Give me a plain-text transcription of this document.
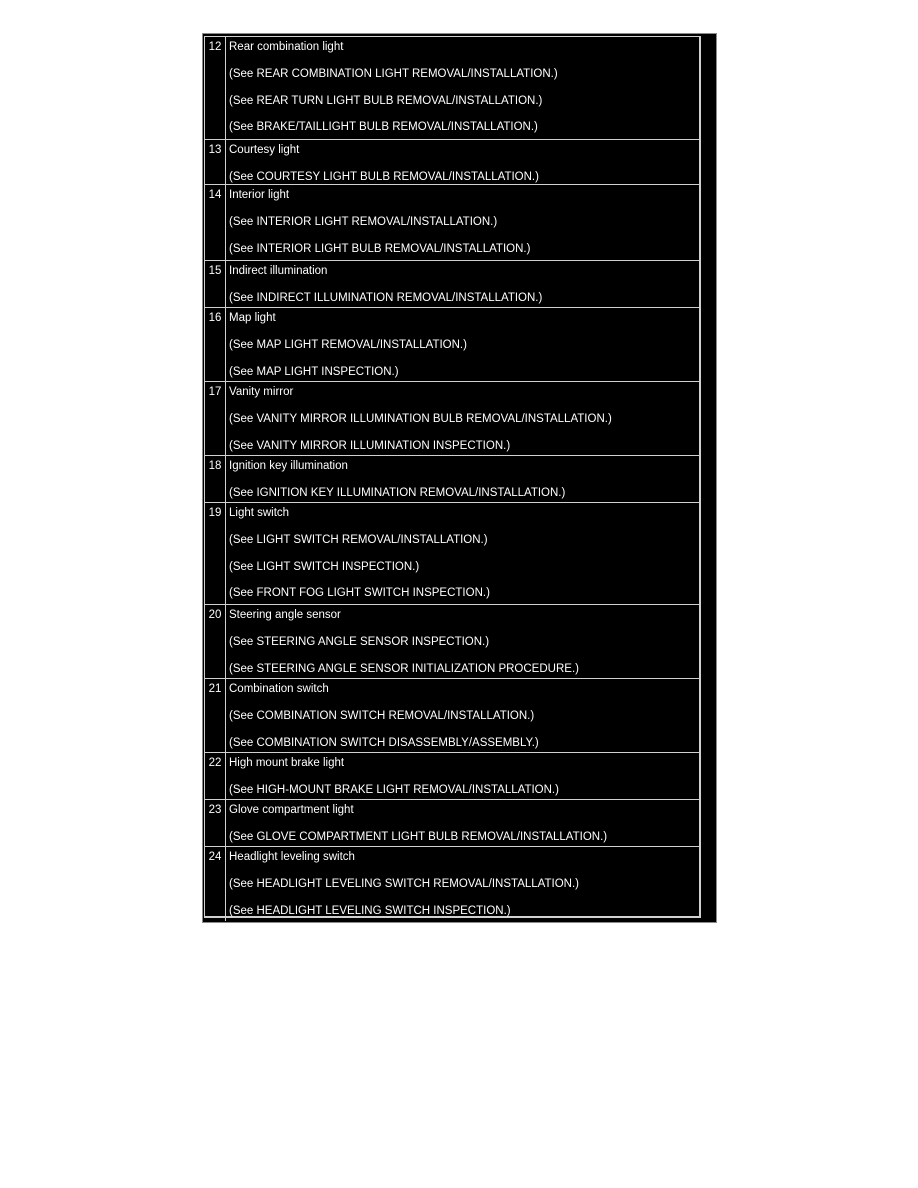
12 Rear combination light
(See REAR COMBINATION LIGHT REMOVAL/INSTALLATION.)
(See REAR TURN LIGHT BULB REMOVAL/INSTALLATION.)
(See BRAKE/TAILLIGHT BULB REMOVAL/INSTALLATION.)
13 Courtesy light
(See COURTESY LIGHT BULB REMOVAL/INSTALLATION.)
14 Interior light
(See INTERIOR LIGHT REMOVAL/INSTALLATION.)
(See INTERIOR LIGHT BULB REMOVAL/INSTALLATION.)
15 Indirect illumination
(See INDIRECT ILLUMINATION REMOVAL/INSTALLATION.)
16 Map light
(See MAP LIGHT REMOVAL/INSTALLATION.)
(See MAP LIGHT INSPECTION.)
17 Vanity mirror
(See VANITY MIRROR ILLUMINATION BULB REMOVAL/INSTALLATION.)
(See VANITY MIRROR ILLUMINATION INSPECTION.)
18 Ignition key illumination
(See IGNITION KEY ILLUMINATION REMOVAL/INSTALLATION.)
19 Light switch
(See LIGHT SWITCH REMOVAL/INSTALLATION.)
(See LIGHT SWITCH INSPECTION.)
(See FRONT FOG LIGHT SWITCH INSPECTION.)
20 Steering angle sensor
(See STEERING ANGLE SENSOR INSPECTION.)
(See STEERING ANGLE SENSOR INITIALIZATION PROCEDURE.)
21 Combination switch
(See COMBINATION SWITCH REMOVAL/INSTALLATION.)
(See COMBINATION SWITCH DISASSEMBLY/ASSEMBLY.)
22 High mount brake light
(See HIGH-MOUNT BRAKE LIGHT REMOVAL/INSTALLATION.)
23 Glove compartment light
(See GLOVE COMPARTMENT LIGHT BULB REMOVAL/INSTALLATION.)
24 Headlight leveling switch
(See HEADLIGHT LEVELING SWITCH REMOVAL/INSTALLATION.)
(See HEADLIGHT LEVELING SWITCH INSPECTION.)
